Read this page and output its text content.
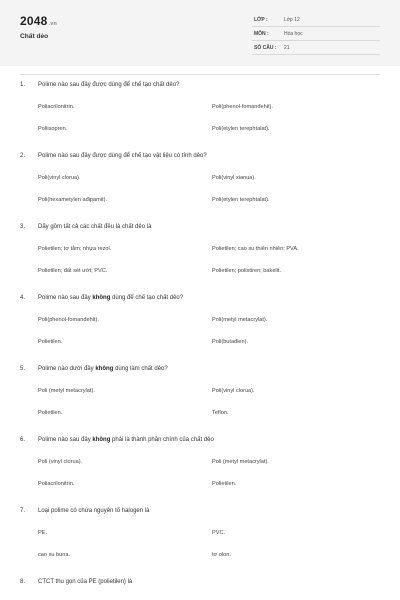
2048.vn
Chất dẻo
LỚP :	Lớp 12
MÔN :	Hóa học
SỐ CÂU : 21
1. Polime nào sau đây được dùng để chế tạo chất dẻo?
Poliacrilonitrin.	Poli(phenol-fomanđehit).
Poliisopren.	Poli(etylen terephtalat).
2. Polime nào sau đây được dùng để chế tạo vật liệu có tính dẻo?
Poli(vinyl clorua).	Poli(vinyl xianua).
Poli(hexametylen ađipamit).	Poli(etylen terephtalat).
3. Dãy gồm tất cả các chất đều là chất dẻo là
Polietilen; tơ tằm; nhựa rezol.	Polietilen; cao su thiên nhiên; PVA.
Polietilen; đất sét ướt; PVC.	Polietilen; polistiren; bakelit.
4. Polime nào sau đây không dùng để chế tạo chất dẻo?
Poli(phenol-fomanđehit).	Poli(metyl metacrylat).
Polietilen.	Poli(butađien).
5. Polime nào dưới đây không dùng làm chất dẻo?
Poli (metyl metacrylat).	Poli(vinyl clorua).
Polietilen.	Teflon.
6. Polime nào sau đây không phải là thành phần chính của chất dẻo
Poli (vinyl clorua).	Poli (metyl metacrylat).
Poliacrilonitrin.	Polietilen.
7. Loại polime có chứa nguyên tố halogen là
PE.	PVC.
cao su buna.	tơ olon.
8. CTCT thu gọn của PE (polietilen) là
